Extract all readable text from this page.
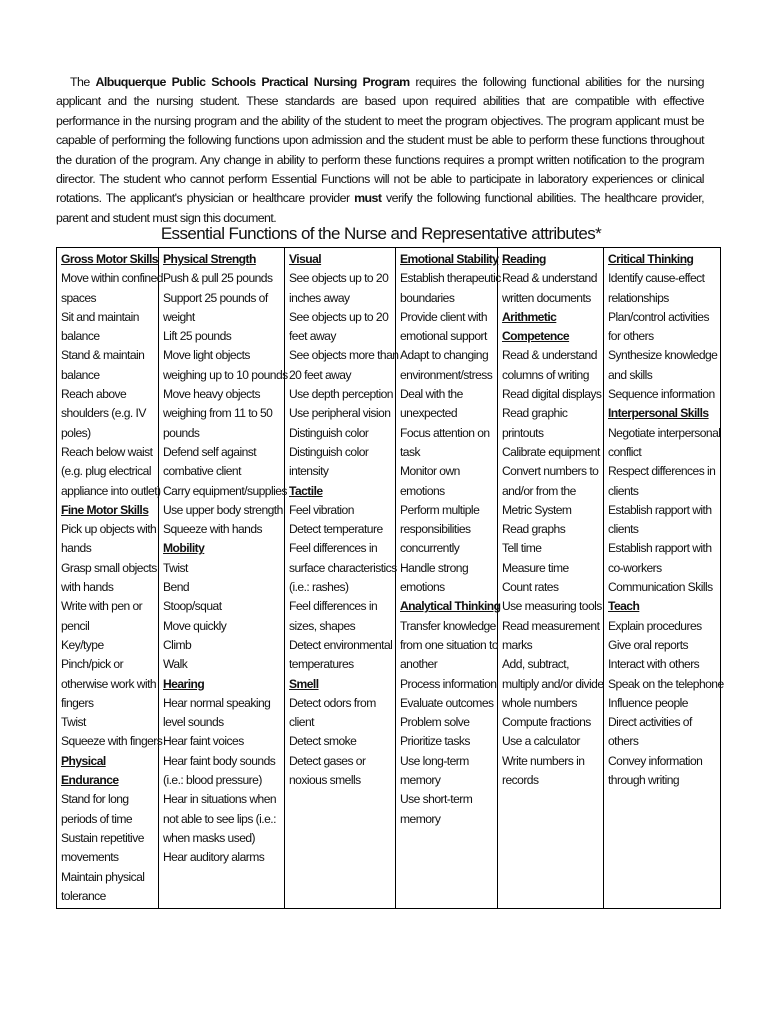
The Albuquerque Public Schools Practical Nursing Program requires the following functional abilities for the nursing applicant and the nursing student. These standards are based upon required abilities that are compatible with effective performance in the nursing program and the ability of the student to meet the program objectives. The program applicant must be capable of performing the following functions upon admission and the student must be able to perform these functions throughout the duration of the program. Any change in ability to perform these functions requires a prompt written notification to the program director. The student who cannot perform Essential Functions will not be able to participate in laboratory experiences or clinical rotations. The applicant's physician or healthcare provider must verify the following functional abilities. The healthcare provider, parent and student must sign this document.
Essential Functions of the Nurse and Representative attributes*
Gross Motor Skills
Move within confined
spaces
Sit and maintain
balance
Stand & maintain
balance
Reach above
shoulders (e.g. IV
poles)
Reach below waist
(e.g. plug electrical
appliance into outlet)
Fine Motor Skills
Pick up objects with
hands
Grasp small objects
with hands
Write with pen or
pencil
Key/type
Pinch/pick or
otherwise work with
fingers
Twist
Squeeze with fingers
Physical
Endurance
Stand for long
periods of time
Sustain repetitive
movements
Maintain physical
tolerance

Physical Strength
Push & pull 25 pounds
Support 25 pounds of
weight
Lift 25 pounds
Move light objects
weighing up to 10 pounds
Move heavy objects
weighing from 11 to 50
pounds
Defend self against
combative client
Carry equipment/supplies
Use upper body strength
Squeeze with hands
Mobility
Twist
Bend
Stoop/squat
Move quickly
Climb
Walk
Hearing
Hear normal speaking
level sounds
Hear faint voices
Hear faint body sounds
(i.e.: blood pressure)
Hear in situations when
not able to see lips (i.e.:
when masks used)
Hear auditory alarms

Visual
See objects up to 20
inches away
See objects up to 20
feet away
See objects more than
20 feet away
Use depth perception
Use peripheral vision
Distinguish color
Distinguish color
intensity
Tactile
Feel vibration
Detect temperature
Feel differences in
surface characteristics
(i.e.: rashes)
Feel differences in
sizes, shapes
Detect environmental
temperatures
Smell
Detect odors from
client
Detect smoke
Detect gases or
noxious smells

Emotional Stability
Establish therapeutic
boundaries
Provide client with
emotional support
Adapt to changing
environment/stress
Deal with the
unexpected
Focus attention on
task
Monitor own
emotions
Perform multiple
responsibilities
concurrently
Handle strong
emotions
Analytical Thinking
Transfer knowledge
from one situation to
another
Process information
Evaluate outcomes
Problem solve
Prioritize tasks
Use long-term
memory
Use short-term
memory

Reading
Read & understand
written documents
Arithmetic
Competence
Read & understand
columns of writing
Read digital displays
Read graphic
printouts
Calibrate equipment
Convert numbers to
and/or from the
Metric System
Read graphs
Tell time
Measure time
Count rates
Use measuring tools
Read measurement
marks
Add, subtract,
multiply and/or divide
whole numbers
Compute fractions
Use a calculator
Write numbers in
records

Critical Thinking
Identify cause-effect
relationships
Plan/control activities
for others
Synthesize knowledge
and skills
Sequence information
Interpersonal Skills
Negotiate interpersonal
conflict
Respect differences in
clients
Establish rapport with
clients
Establish rapport with
co-workers
Communication Skills
Teach
Explain procedures
Give oral reports
Interact with others
Speak on the telephone
Influence people
Direct activities of
others
Convey information
through writing
